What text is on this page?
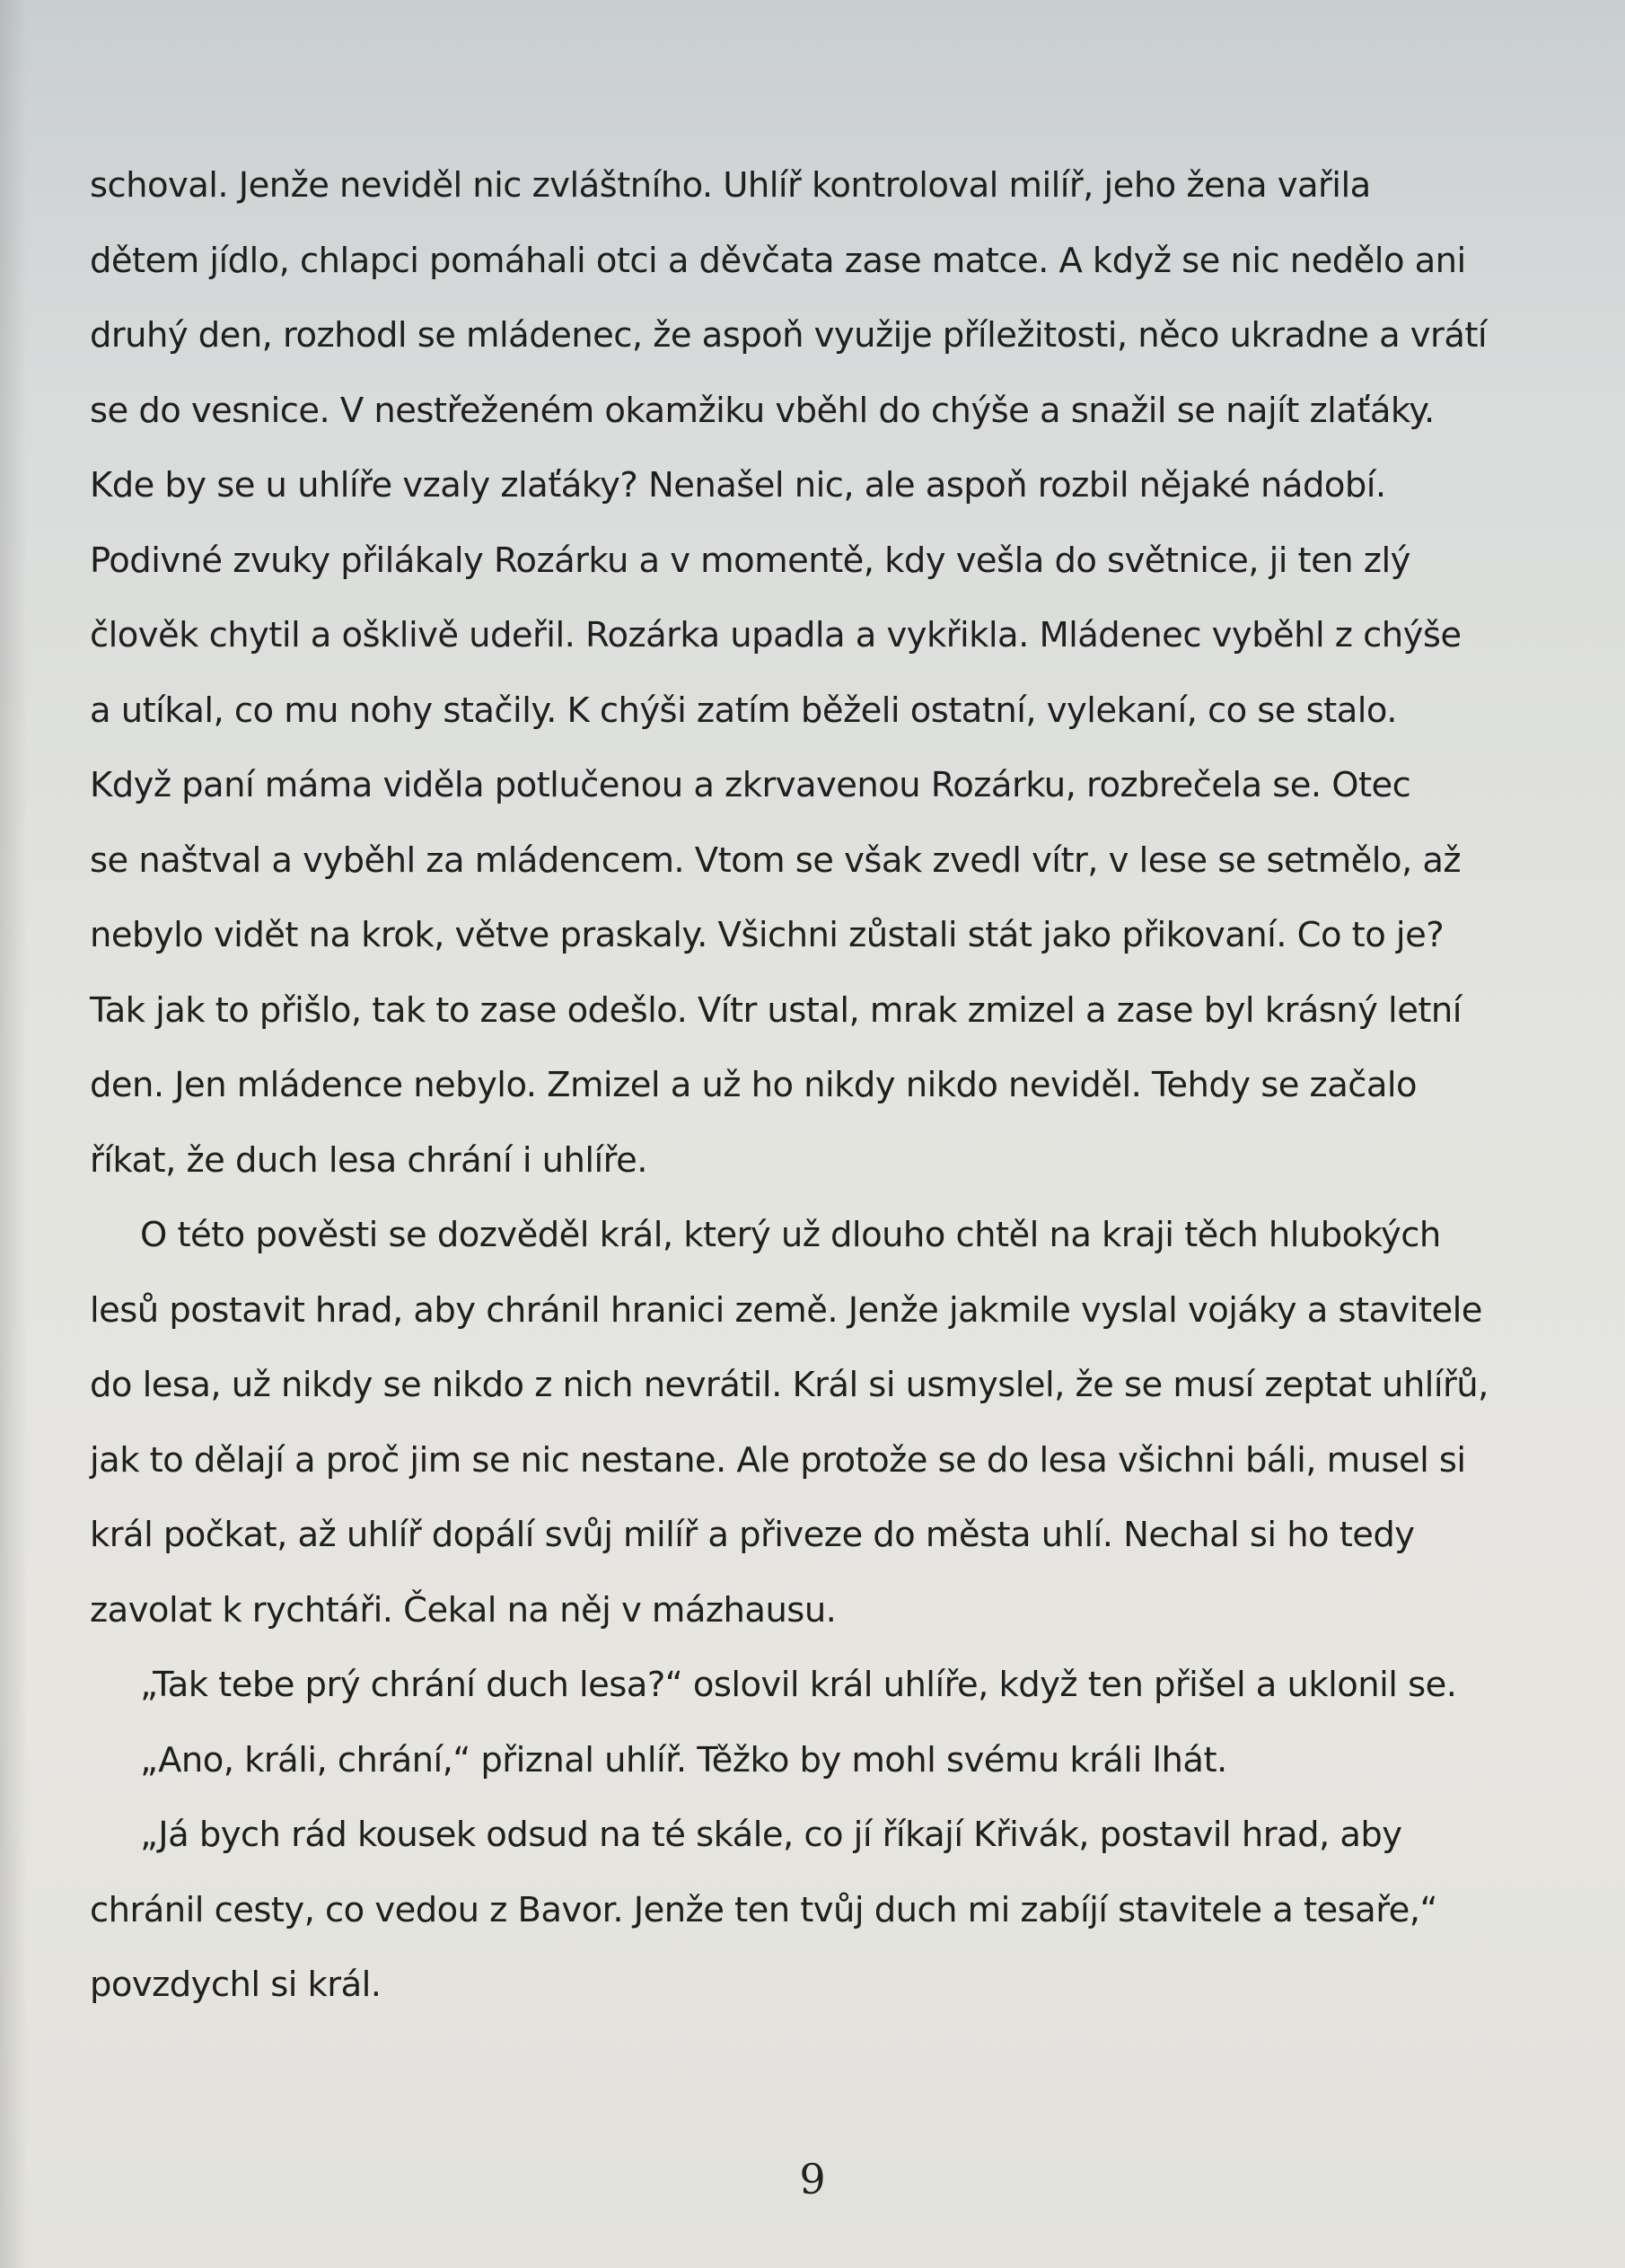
schoval. Jenže neviděl nic zvláštního. Uhlíř kontroloval milíř, jeho žena vařila
dětem jídlo, chlapci pomáhali otci a děvčata zase matce. A když se nic nedělo ani
druhý den, rozhodl se mládenec, že aspoň využije příležitosti, něco ukradne a vrátí
se do vesnice. V nestřeženém okamžiku vběhl do chýše a snažil se najít zlaťáky.
Kde by se u uhlíře vzaly zlaťáky? Nenašel nic, ale aspoň rozbil nějaké nádobí.
Podivné zvuky přilákaly Rozárku a v momentě, kdy vešla do světnice, ji ten zlý
člověk chytil a ošklivě udeřil. Rozárka upadla a vykřikla. Mládenec vyběhl z chýše
a utíkal, co mu nohy stačily. K chýši zatím běželi ostatní, vylekaní, co se stalo.
Když paní máma viděla potlučenou a zkrvavenou Rozárku, rozbrečela se. Otec
se naštval a vyběhl za mládencem. Vtom se však zvedl vítr, v lese se setmělo, až
nebylo vidět na krok, větve praskaly. Všichni zůstali stát jako přikovaní. Co to je?
Tak jak to přišlo, tak to zase odešlo. Vítr ustal, mrak zmizel a zase byl krásný letní
den. Jen mládence nebylo. Zmizel a už ho nikdy nikdo neviděl. Tehdy se začalo
říkat, že duch lesa chrání i uhlíře.
O této pověsti se dozvěděl král, který už dlouho chtěl na kraji těch hlubokých
lesů postavit hrad, aby chránil hranici země. Jenže jakmile vyslal vojáky a stavitele
do lesa, už nikdy se nikdo z nich nevrátil. Král si usmyslel, že se musí zeptat uhlířů,
jak to dělají a proč jim se nic nestane. Ale protože se do lesa všichni báli, musel si
král počkat, až uhlíř dopálí svůj milíř a přiveze do města uhlí. Nechal si ho tedy
zavolat k rychtáři. Čekal na něj v mázhausu.
„Tak tebe prý chrání duch lesa?“ oslovil král uhlíře, když ten přišel a uklonil se.
„Ano, králi, chrání,“ přiznal uhlíř. Těžko by mohl svému králi lhát.
„Já bych rád kousek odsud na té skále, co jí říkají Křivák, postavil hrad, aby
chránil cesty, co vedou z Bavor. Jenže ten tvůj duch mi zabíjí stavitele a tesaře,“
povzdychl si král.
9
